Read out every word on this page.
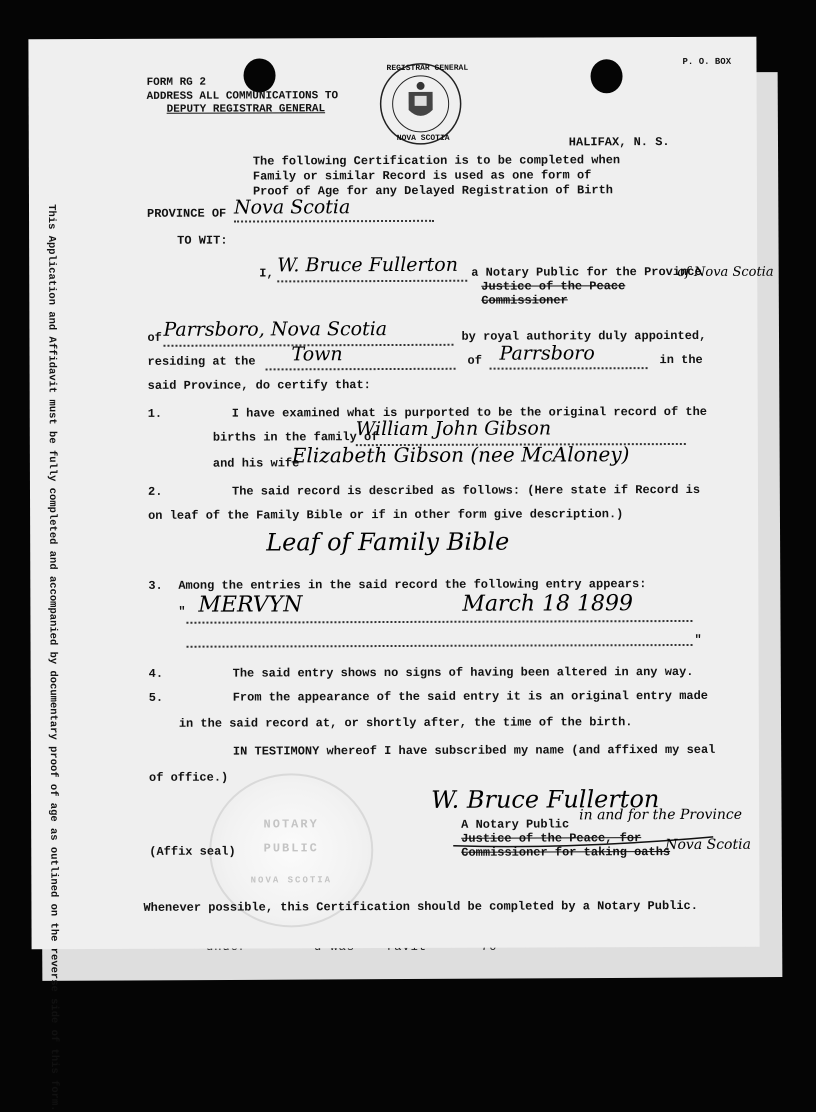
This Application and Affidavit must be fully completed and accompanied by documentary proof of age as outlined on the reverse side of this form.
FORM RG 2
ADDRESS ALL COMMUNICATIONS TO
DEPUTY REGISTRAR GENERAL
P. O. BOX
REGISTRAR GENERAL
NOVA SCOTIA	HALIFAX, N. S.
The following Certification is to be completed when
Family or similar Record is used as one form of
Proof of Age for any Delayed Registration of Birth
PROVINCE OF Nova Scotia
TO WIT:
I, W. Bruce Fullerton a Notary Public for the Province
of Nova Scotia
Justice of the Peace
Commissioner
of Parrsboro, Nova Scotia	by royal authority duly appointed,
residing at the Town	of Parrsboro	in the
said Province, do certify that:
1.	I have examined what is purported to be the original record of the
births in the family of
William John Gibson
and his wife
Elizabeth Gibson (nee McAloney)
2.	The said record is described as follows: (Here state if Record is
on leaf of the Family Bible or if in other form give description.)
Leaf of Family Bible
3. Among the entries in the said record the following entry appears:
" MERVYN	March 18 1899
"
4.	The said entry shows no signs of having been altered in any way.
5.	From the appearance of the said entry it is an original entry made
in the said record at, or shortly after, the time of the birth.
IN TESTIMONY whereof I have subscribed my name (and affixed my seal
of office.)
NOTARY
PUBLIC
NOVA SCOTIA
W. Bruce Fullerton
A Notary Public
in and for the Province
Justice of the Peace, for
Commissioner for taking oaths
Nova Scotia
(Affix seal)
Whenever possible, this Certification should be completed by a Notary Public.
